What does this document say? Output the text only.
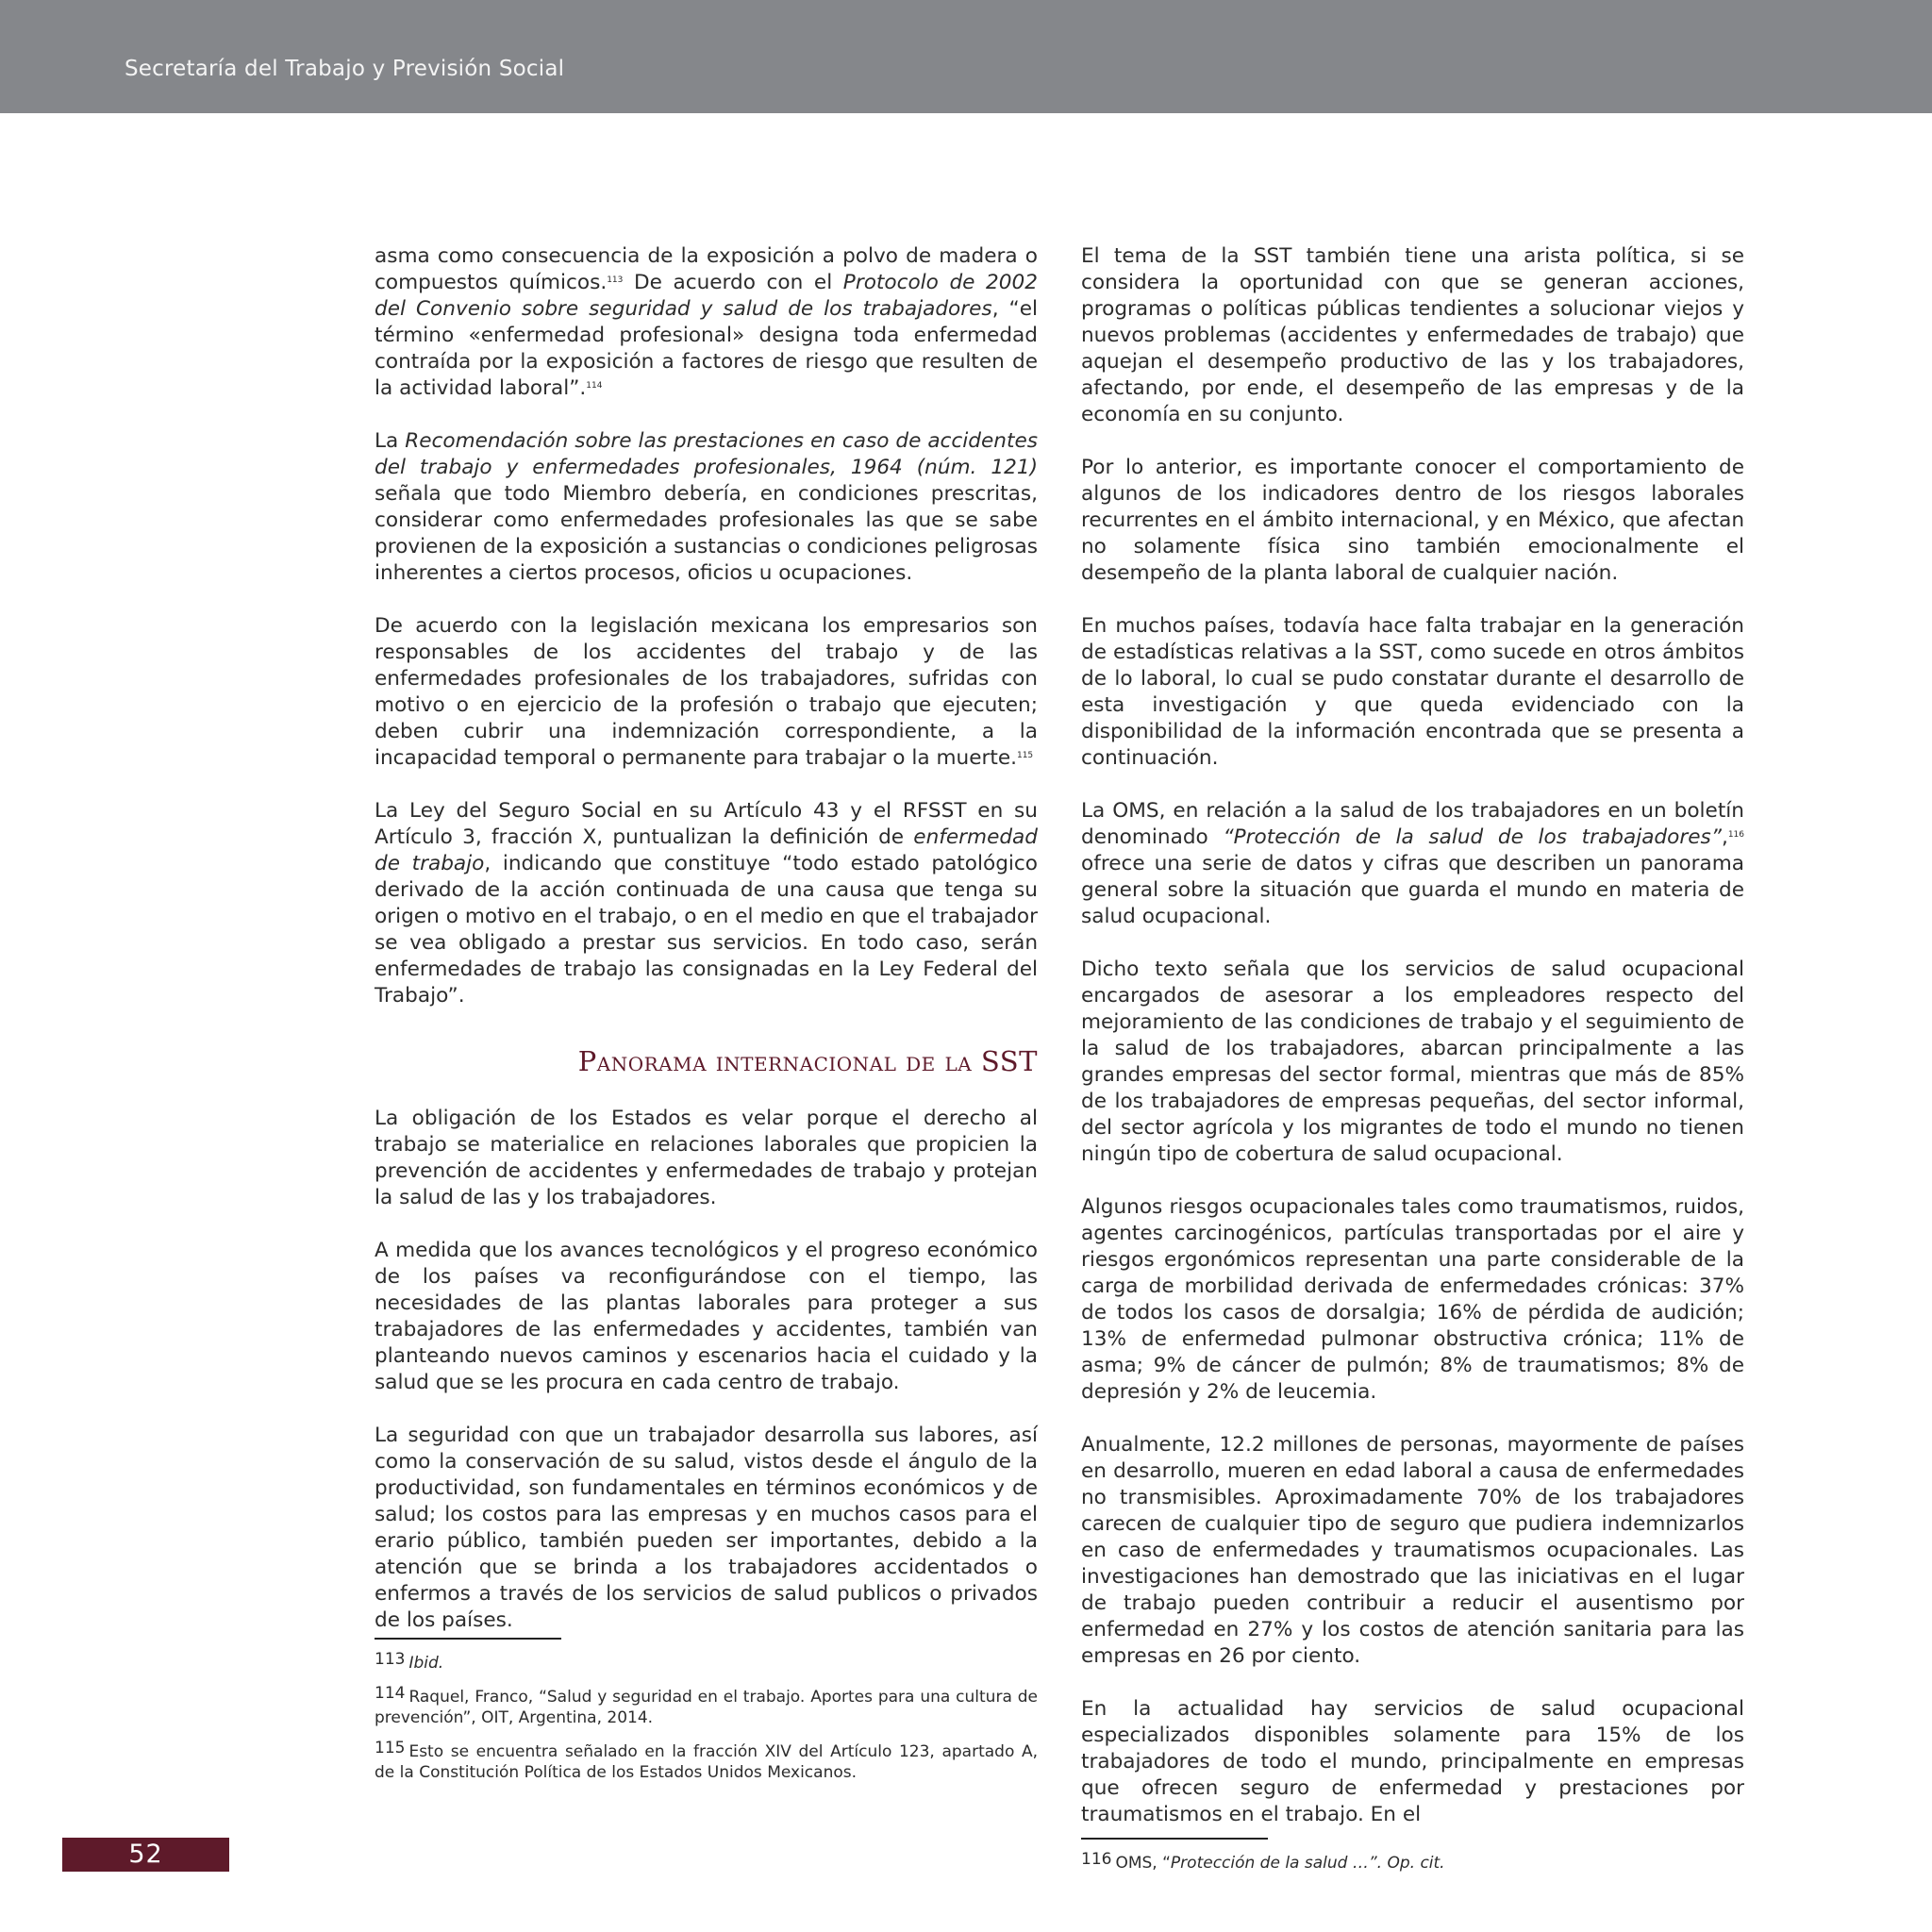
Secretaría del Trabajo y Previsión Social

asma como consecuencia de la exposición a polvo de madera o compuestos químicos.$^{113}$ De acuerdo con el Protocolo de 2002 del Convenio sobre seguridad y salud de los trabajadores, “el término «enfermedad profesional» designa toda enfermedad contraída por la exposición a factores de riesgo que resulten de la actividad laboral”.$^{114}$

La Recomendación sobre las prestaciones en caso de accidentes del trabajo y enfermedades profesionales, 1964 (núm. 121) señala que todo Miembro debería, en condiciones prescritas, considerar como enfermedades profesionales las que se sabe provienen de la exposición a sustancias o condiciones peligrosas inherentes a ciertos procesos, oficios u ocupaciones.

De acuerdo con la legislación mexicana los empresarios son responsables de los accidentes del trabajo y de las enfermedades profesionales de los trabajadores, sufridas con motivo o en ejercicio de la profesión o trabajo que ejecuten; deben cubrir una indemnización correspondiente, a la incapacidad temporal o permanente para trabajar o la muerte.$^{115}$

La Ley del Seguro Social en su Artículo 43 y el RFSST en su Artículo 3, fracción X, puntualizan la definición de enfermedad de trabajo, indicando que constituye “todo estado patológico derivado de la acción continuada de una causa que tenga su origen o motivo en el trabajo, o en el medio en que el trabajador se vea obligado a prestar sus servicios. En todo caso, serán enfermedades de trabajo las consignadas en la Ley Federal del Trabajo”.

Panorama internacional de la SST

La obligación de los Estados es velar porque el derecho al trabajo se materialice en relaciones laborales que propicien la prevención de accidentes y enfermedades de trabajo y protejan la salud de las y los trabajadores.

A medida que los avances tecnológicos y el progreso económico de los países va reconfigurándose con el tiempo, las necesidades de las plantas laborales para proteger a sus trabajadores de las enfermedades y accidentes, también van planteando nuevos caminos y escenarios hacia el cuidado y la salud que se les procura en cada centro de trabajo.

La seguridad con que un trabajador desarrolla sus labores, así como la conservación de su salud, vistos desde el ángulo de la productividad, son fundamentales en términos económicos y de salud; los costos para las empresas y en muchos casos para el erario público, también pueden ser importantes, debido a la atención que se brinda a los trabajadores accidentados o enfermos a través de los servicios de salud publicos o privados de los países.

113 Ibid.
114 Raquel, Franco, “Salud y seguridad en el trabajo. Aportes para una cultura de prevención”, OIT, Argentina, 2014.
115 Esto se encuentra señalado en la fracción XIV del Artículo 123, apartado A, de la Constitución Política de los Estados Unidos Mexicanos.

El tema de la SST también tiene una arista política, si se considera la oportunidad con que se generan acciones, programas o políticas públicas tendientes a solucionar viejos y nuevos problemas (accidentes y enfermedades de trabajo) que aquejan el desempeño productivo de las y los trabajadores, afectando, por ende, el desempeño de las empresas y de la economía en su conjunto.

Por lo anterior, es importante conocer el comportamiento de algunos de los indicadores dentro de los riesgos laborales recurrentes en el ámbito internacional, y en México, que afectan no solamente física sino también emocionalmente el desempeño de la planta laboral de cualquier nación.

En muchos países, todavía hace falta trabajar en la generación de estadísticas relativas a la SST, como sucede en otros ámbitos de lo laboral, lo cual se pudo constatar durante el desarrollo de esta investigación y que queda evidenciado con la disponibilidad de la información encontrada que se presenta a continuación.

La OMS, en relación a la salud de los trabajadores en un boletín denominado “Protección de la salud de los trabajadores”,$^{116}$ ofrece una serie de datos y cifras que describen un panorama general sobre la situación que guarda el mundo en materia de salud ocupacional.

Dicho texto señala que los servicios de salud ocupacional encargados de asesorar a los empleadores respecto del mejoramiento de las condiciones de trabajo y el seguimiento de la salud de los trabajadores, abarcan principalmente a las grandes empresas del sector formal, mientras que más de 85% de los trabajadores de empresas pequeñas, del sector informal, del sector agrícola y los migrantes de todo el mundo no tienen ningún tipo de cobertura de salud ocupacional.

Algunos riesgos ocupacionales tales como traumatismos, ruidos, agentes carcinogénicos, partículas transportadas por el aire y riesgos ergonómicos representan una parte considerable de la carga de morbilidad derivada de enfermedades crónicas: 37% de todos los casos de dorsalgia; 16% de pérdida de audición; 13% de enfermedad pulmonar obstructiva crónica; 11% de asma; 9% de cáncer de pulmón; 8% de traumatismos; 8% de depresión y 2% de leucemia.

Anualmente, 12.2 millones de personas, mayormente de países en desarrollo, mueren en edad laboral a causa de enfermedades no transmisibles. Aproximadamente 70% de los trabajadores carecen de cualquier tipo de seguro que pudiera indemnizarlos en caso de enfermedades y traumatismos ocupacionales. Las investigaciones han demostrado que las iniciativas en el lugar de trabajo pueden contribuir a reducir el ausentismo por enfermedad en 27% y los costos de atención sanitaria para las empresas en 26 por ciento.

En la actualidad hay servicios de salud ocupacional especializados disponibles solamente para 15% de los trabajadores de todo el mundo, principalmente en empresas que ofrecen seguro de enfermedad y prestaciones por traumatismos en el trabajo. En el

116 OMS, “Protección de la salud …”. Op. cit.
52
